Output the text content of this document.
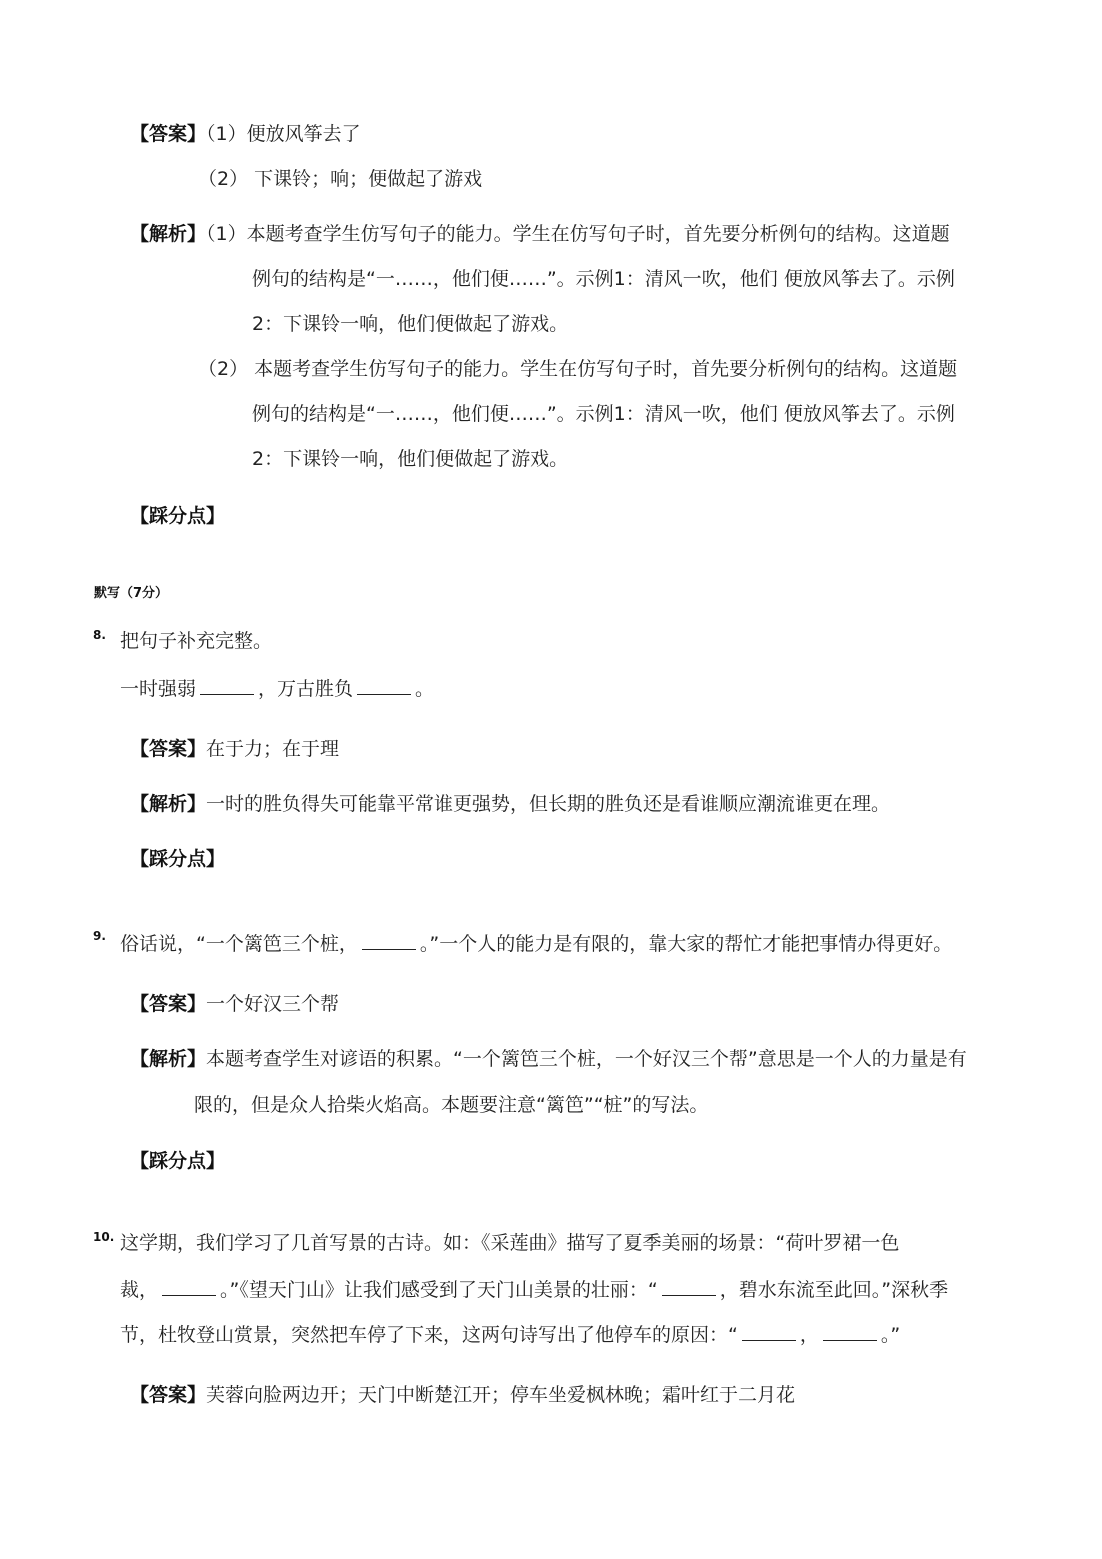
【答案】（1）便放风筝去了
（2） 下课铃；响；便做起了游戏
【解析】（1）本题考查学生仿写句子的能力。学生在仿写句子时，首先要分析例句的结构。这道题
例句的结构是“一……，他们便……”。示例1：清风一吹，他们 便放风筝去了。示例
2：下课铃一响，他们便做起了游戏。
（2） 本题考查学生仿写句子的能力。学生在仿写句子时，首先要分析例句的结构。这道题
例句的结构是“一……，他们便……”。示例1：清风一吹，他们 便放风筝去了。示例
2：下课铃一响，他们便做起了游戏。
【踩分点】
默写（7分）
8. 把句子补充完整。
一时强弱	，万古胜负	。
【答案】在于力；在于理
【解析】一时的胜负得失可能靠平常谁更强势，但长期的胜负还是看谁顺应潮流谁更在理。
【踩分点】
9. 俗话说，“一个篱笆三个桩，	。”一个人的能力是有限的，靠大家的帮忙才能把事情办得更好。
【答案】一个好汉三个帮
【解析】本题考查学生对谚语的积累。“一个篱笆三个桩，一个好汉三个帮”意思是一个人的力量是有
限的，但是众人拾柴火焰高。本题要注意“篱笆”“桩”的写法。
【踩分点】
10. 这学期，我们学习了几首写景的古诗。如：《采莲曲》描写了夏季美丽的场景：“荷叶罗裙一色
裁，	。”《望天门山》让我们感受到了天门山美景的壮丽：“	，碧水东流至此回。”深秋季
节，杜牧登山赏景，突然把车停了下来，这两句诗写出了他停车的原因：“	，	。”
【答案】芙蓉向脸两边开；天门中断楚江开；停车坐爱枫林晚；霜叶红于二月花
